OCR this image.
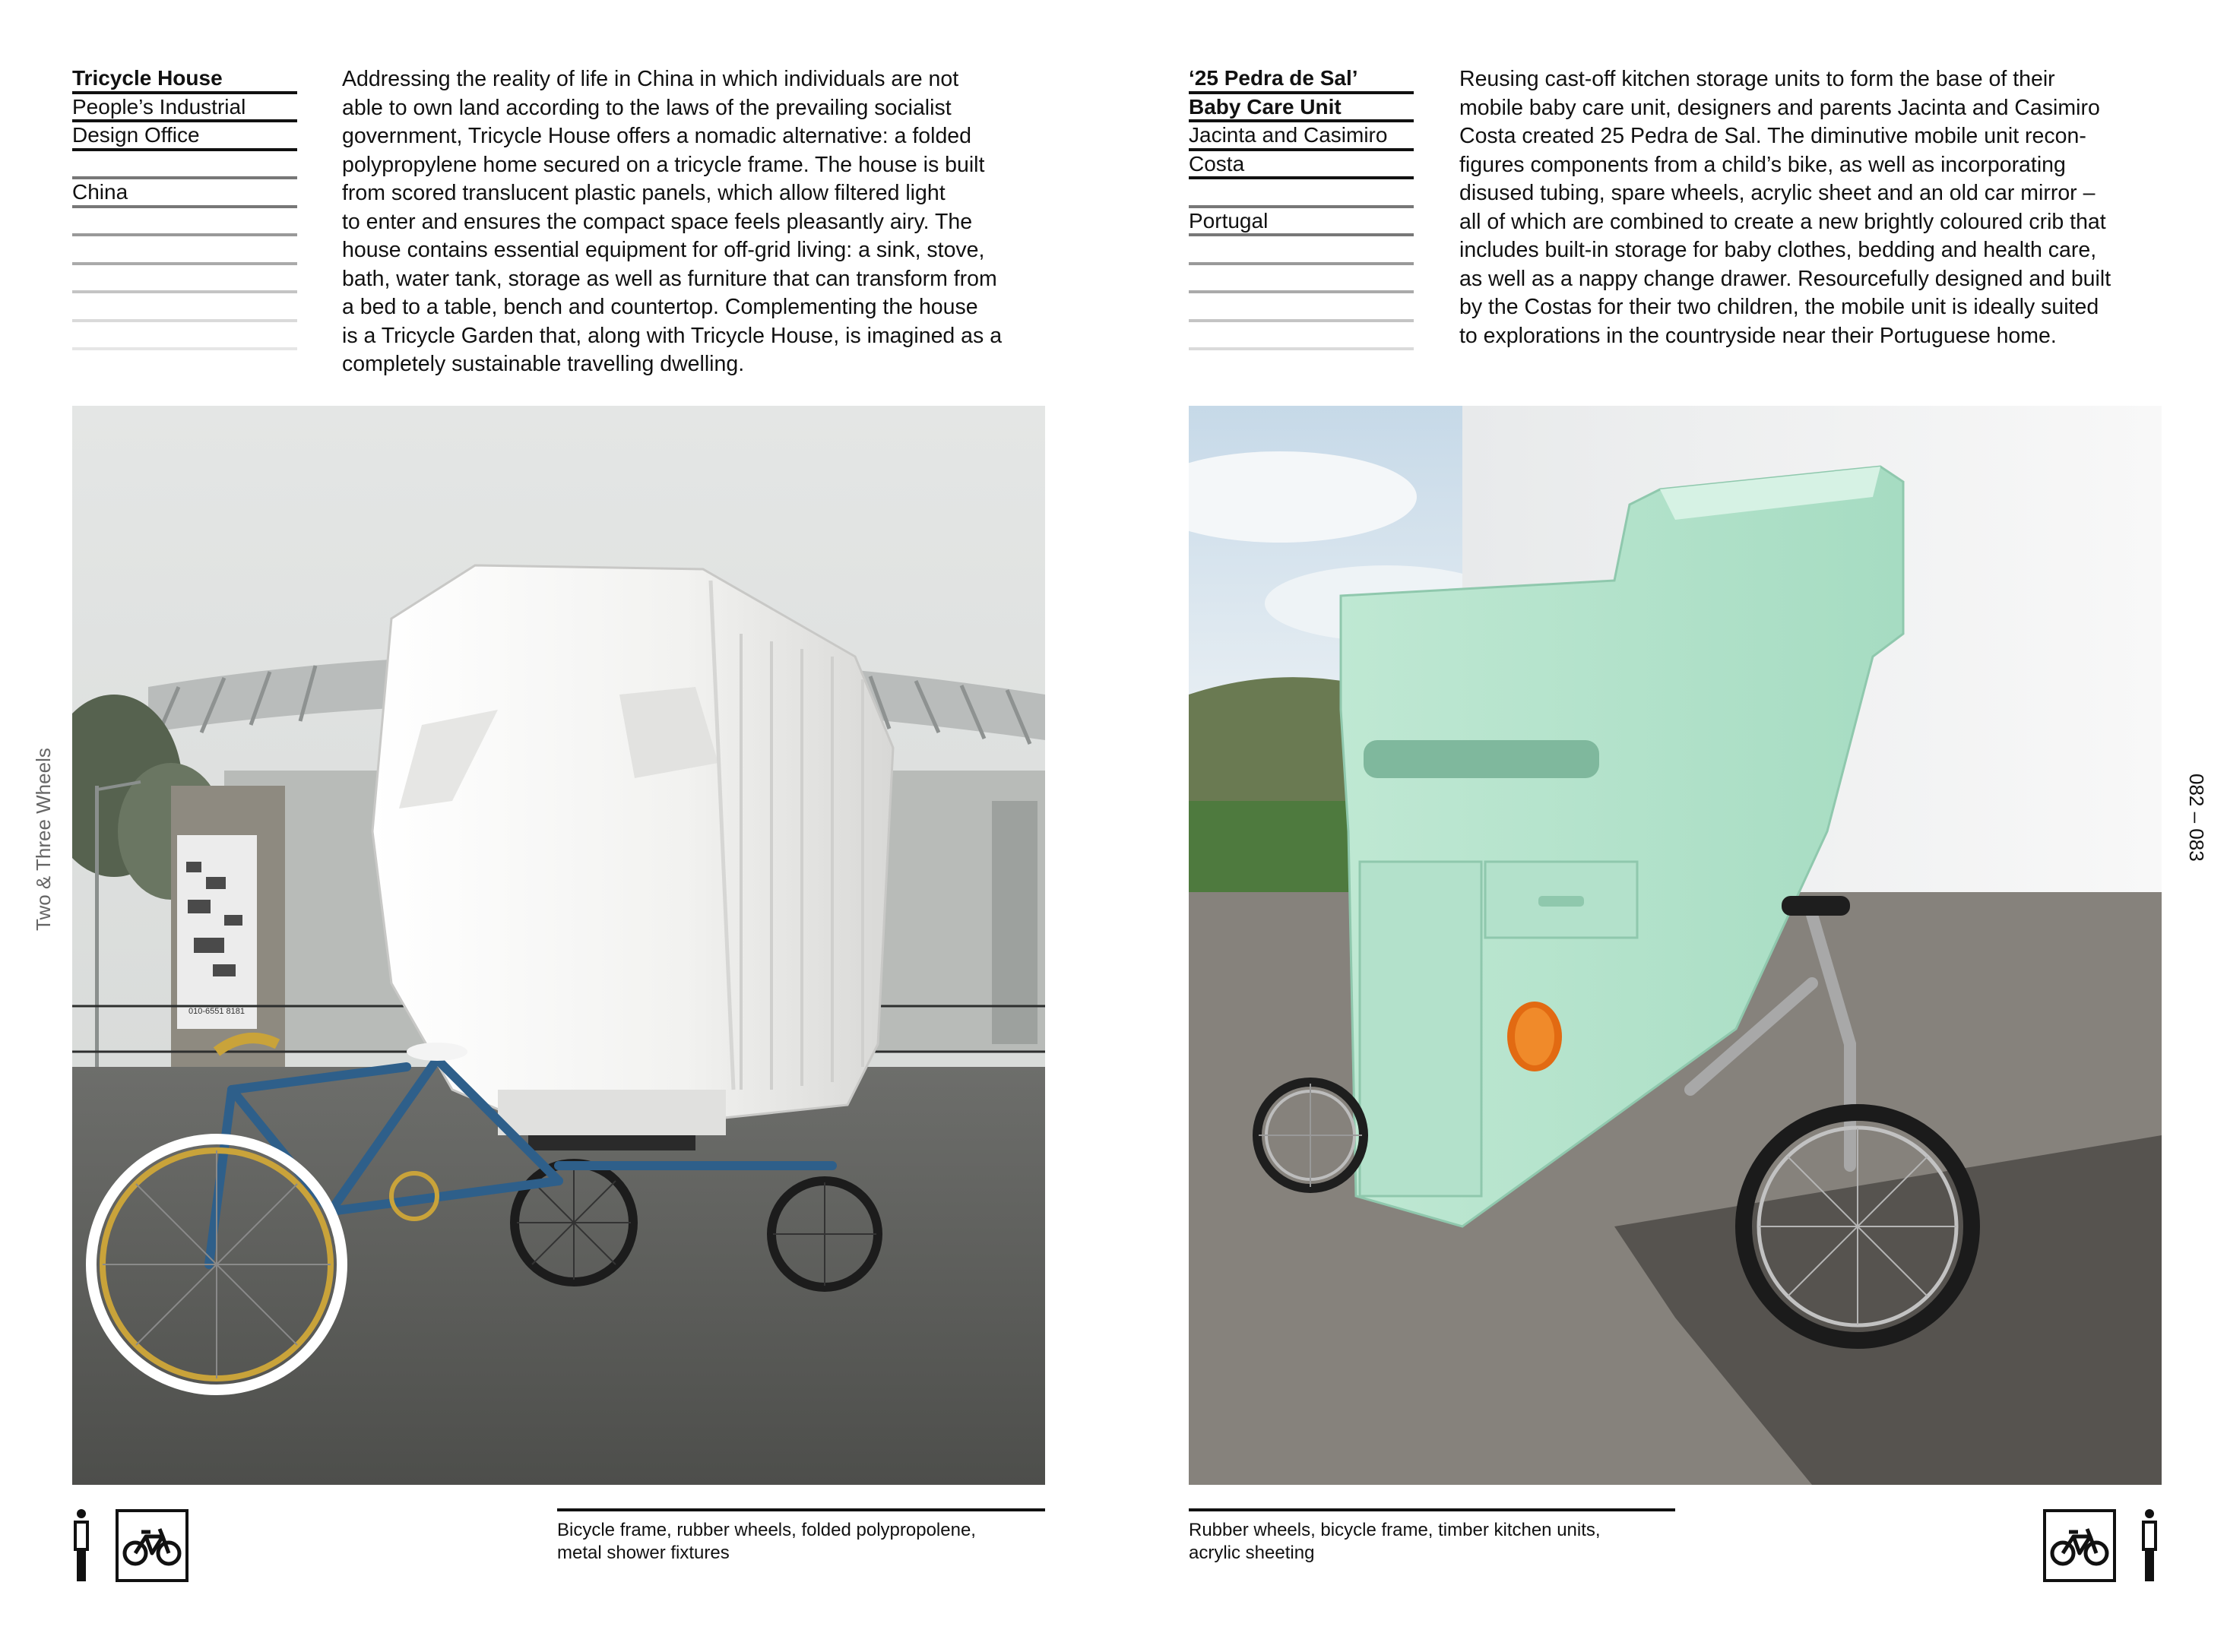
Tricycle House
People’s Industrial
Design Office
China
Addressing the reality of life in China in which individuals are not
able to own land according to the laws of the prevailing socialist
government, Tricycle House offers a nomadic alternative: a folded
polypropylene home secured on a tricycle frame. The house is built
from scored translucent plastic panels, which allow filtered light
to enter and ensures the compact space feels pleasantly airy. The
house contains essential equipment for off-grid living: a sink, stove,
bath, water tank, storage as well as furniture that can transform from
a bed to a table, bench and countertop. Complementing the house
is a Tricycle Garden that, along with Tricycle House, is imagined as a
completely sustainable travelling dwelling.
‘25 Pedra de Sal’
Baby Care Unit
Jacinta and Casimiro
Costa
Portugal
Reusing cast-off kitchen storage units to form the base of their
mobile baby care unit, designers and parents Jacinta and Casimiro
Costa created 25 Pedra de Sal. The diminutive mobile unit recon-
figures components from a child’s bike, as well as incorporating
disused tubing, spare wheels, acrylic sheet and an old car mirror –
all of which are combined to create a new brightly coloured crib that
includes built-in storage for baby clothes, bedding and health care,
as well as a nappy change drawer. Resourcefully designed and built
by the Costas for their two children, the mobile unit is ideally suited
to explorations in the countryside near their Portuguese home.
010-6551 8181
Bicycle frame, rubber wheels, folded polypropolene,
metal shower fixtures
Rubber wheels, bicycle frame, timber kitchen units,
acrylic sheeting
Two & Three Wheels	082 – 083
